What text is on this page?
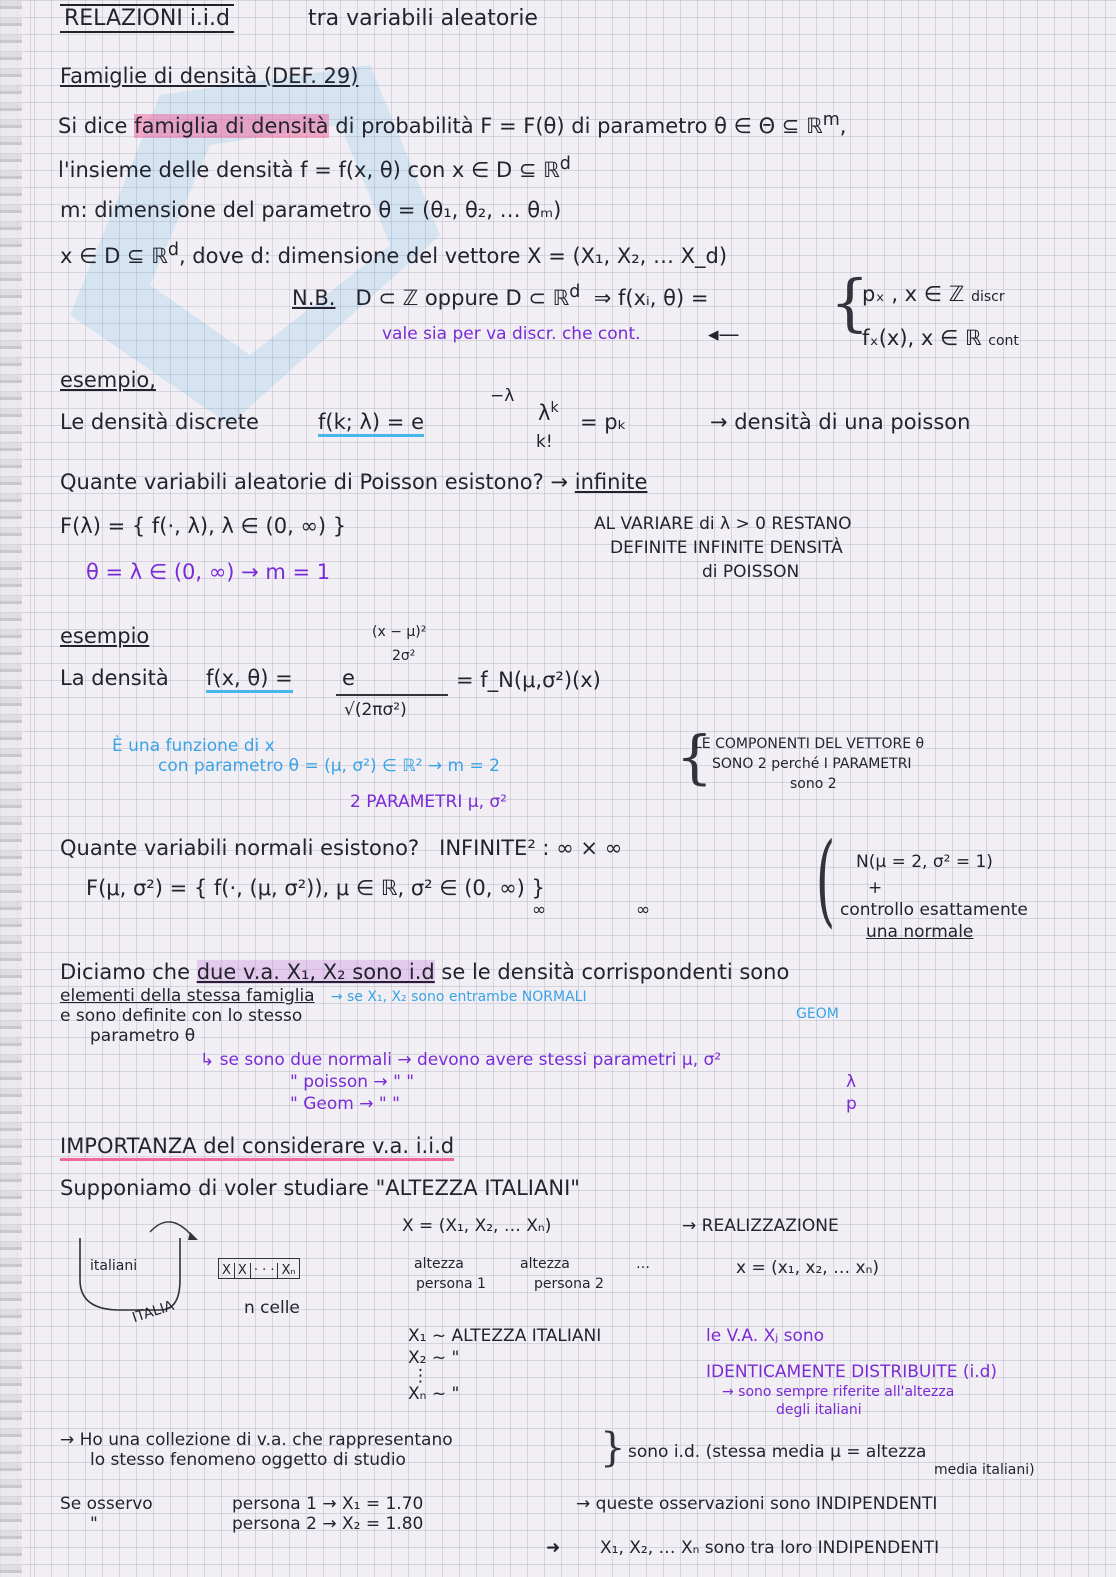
RELAZIONI i.i.d	tra variabili aleatorie
Famiglie di densità (DEF. 29)
Si dice famiglia di densità di probabilità F = F(θ) di parametro θ ∈ Θ ⊆ ℝ$^m$,
l'insieme delle densità f = f(x, θ) con x ∈ D ⊆ ℝ$^d$
m: dimensione del parametro θ = (θ₁, θ₂, … θₘ)
x ∈ D ⊆ ℝ$^d$, dove d: dimensione del vettore X = (X₁, X₂, … X_d)
N.B. D ⊂ ℤ oppure D ⊂ ℝ$^d$ ⇒ f(xᵢ, θ) = {
pₓ , x ∈ ℤ discr
fₓ(x), x ∈ ℝ cont
vale sia per va discr. che cont.	◂—
esempio,
Le densità discrete	f(k; λ) = e
−λ
$\lambda^k$
k!
= pₖ	→ densità di una poisson
Quante variabili aleatorie di Poisson esistono? → infinite
F(λ) = { f(·, λ), λ ∈ (0, ∞) }
θ = λ ∈ (0, ∞) → m = 1
AL VARIARE di λ > 0 RESTANO
DEFINITE INFINITE DENSITÀ
di POISSON
esempio
La densità f(x, θ) = e
(x − μ)²
2σ²
√(2πσ²)
= f_N(μ,σ²)(x)
È una funzione di x
con parametro θ = (μ, σ²) ∈ ℝ² → m = 2	{
LE COMPONENTI DEL VETTORE θ
SONO 2 perché I PARAMETRI
sono 2
2 PARAMETRI μ, σ²
Quante variabili normali esistono? INFINITE² : ∞ × ∞
F(μ, σ²) = { f(·, (μ, σ²)), μ ∈ ℝ, σ² ∈ (0, ∞) }
∞	∞ ( N(μ = 2, σ² = 1)
+
controllo esattamente
una normale
Diciamo che due v.a. X₁, X₂ sono i.d se le densità corrispondenti sono
elementi della stessa famiglia → se X₁, X₂ sono entrambe NORMALI
e sono definite con lo stesso	GEOM
parametro θ
↳ se sono due normali → devono avere stessi parametri μ, σ²
" poisson → " "	λ
" Geom → " "	p
IMPORTANZA del considerare v.a. i.i.d
Supponiamo di voler studiare "ALTEZZA ITALIANI"
X = (X₁, X₂, … Xₙ)	→ REALIZZAZIONE
x = (x₁, x₂, … xₙ)
altezza
persona 1
altezza
persona 2
…
italiani
ITALIA
X X · · · Xₙ
n celle
X₁ ~ ALTEZZA ITALIANI
X₂ ~ "
⋮
Xₙ ~ "
le V.A. Xⱼ sono
IDENTICAMENTE DISTRIBUITE (i.d)
→ sono sempre riferite all'altezza
degli italiani
→ Ho una collezione di v.a. che rappresentano
lo stesso fenomeno oggetto di studio	} sono i.d. (stessa media μ = altezza
media italiani)
Se osservo
"
persona 1 → X₁ = 1.70
persona 2 → X₂ = 1.80
→ queste osservazioni sono INDIPENDENTI
➜ X₁, X₂, … Xₙ sono tra loro INDIPENDENTI
